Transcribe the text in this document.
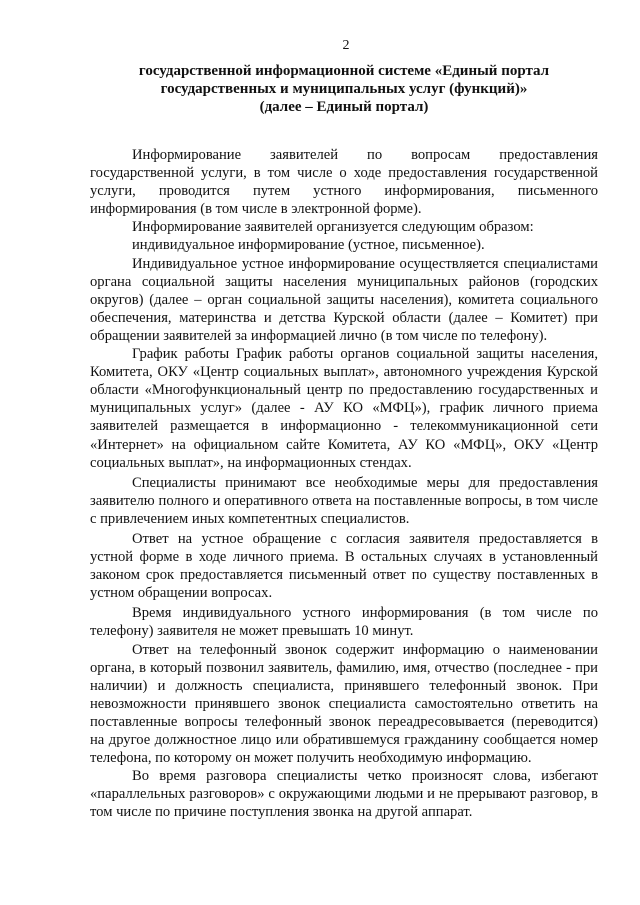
2
государственной информационной системе «Единый портал
государственных и муниципальных услуг (функций)»
(далее – Единый портал)

Информирование заявителей по вопросам предоставления государственной услуги, в том числе о ходе предоставления государственной услуги, проводится путем устного информирования, письменного информирования (в том числе в электронной форме).

Информирование заявителей организуется следующим образом:

индивидуальное информирование (устное, письменное).

Индивидуальное устное информирование осуществляется специалистами органа социальной защиты населения муниципальных районов (городских округов) (далее – орган социальной защиты населения), комитета социального обеспечения, материнства и детства Курской области (далее – Комитет) при обращении заявителей за информацией лично (в том числе по телефону).

График работы График работы органов социальной защиты населения, Комитета, ОКУ «Центр социальных выплат», автономного учреждения Курской области «Многофункциональный центр по предоставлению государственных и муниципальных услуг» (далее - АУ КО «МФЦ»), график личного приема заявителей размещается в информационно - телекоммуникационной сети «Интернет» на официальном сайте Комитета, АУ КО «МФЦ», ОКУ «Центр социальных выплат», на информационных стендах.

Специалисты принимают все необходимые меры для предоставления заявителю полного и оперативного ответа на поставленные вопросы, в том числе с привлечением иных компетентных специалистов.

Ответ на устное обращение с согласия заявителя предоставляется в устной форме в ходе личного приема. В остальных случаях в установленный законом срок предоставляется письменный ответ по существу поставленных в устном обращении вопросах.

Время индивидуального устного информирования (в том числе по телефону) заявителя не может превышать 10 минут.

Ответ на телефонный звонок содержит информацию о наименовании органа, в который позвонил заявитель, фамилию, имя, отчество (последнее - при наличии) и должность специалиста, принявшего телефонный звонок. При невозможности принявшего звонок специалиста самостоятельно ответить на поставленные вопросы телефонный звонок переадресовывается (переводится) на другое должностное лицо или обратившемуся гражданину сообщается номер телефона, по которому он может получить необходимую информацию.

Во время разговора специалисты четко произносят слова, избегают «параллельных разговоров» с окружающими людьми и не прерывают разговор, в том числе по причине поступления звонка на другой аппарат.
